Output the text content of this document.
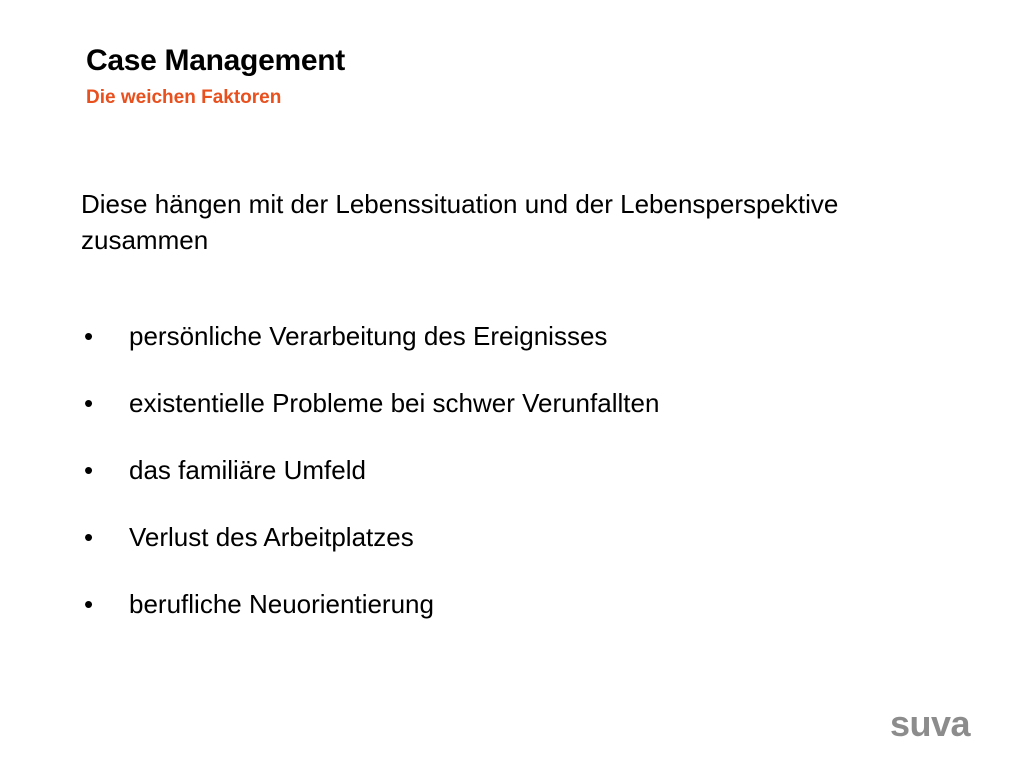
Case Management
Die weichen Faktoren
Diese hängen mit der Lebenssituation und der Lebensperspektive zusammen
• persönliche Verarbeitung des Ereignisses
• existentielle Probleme bei schwer Verunfallten
• das familiäre Umfeld
• Verlust des Arbeitplatzes
• berufliche Neuorientierung
suva
